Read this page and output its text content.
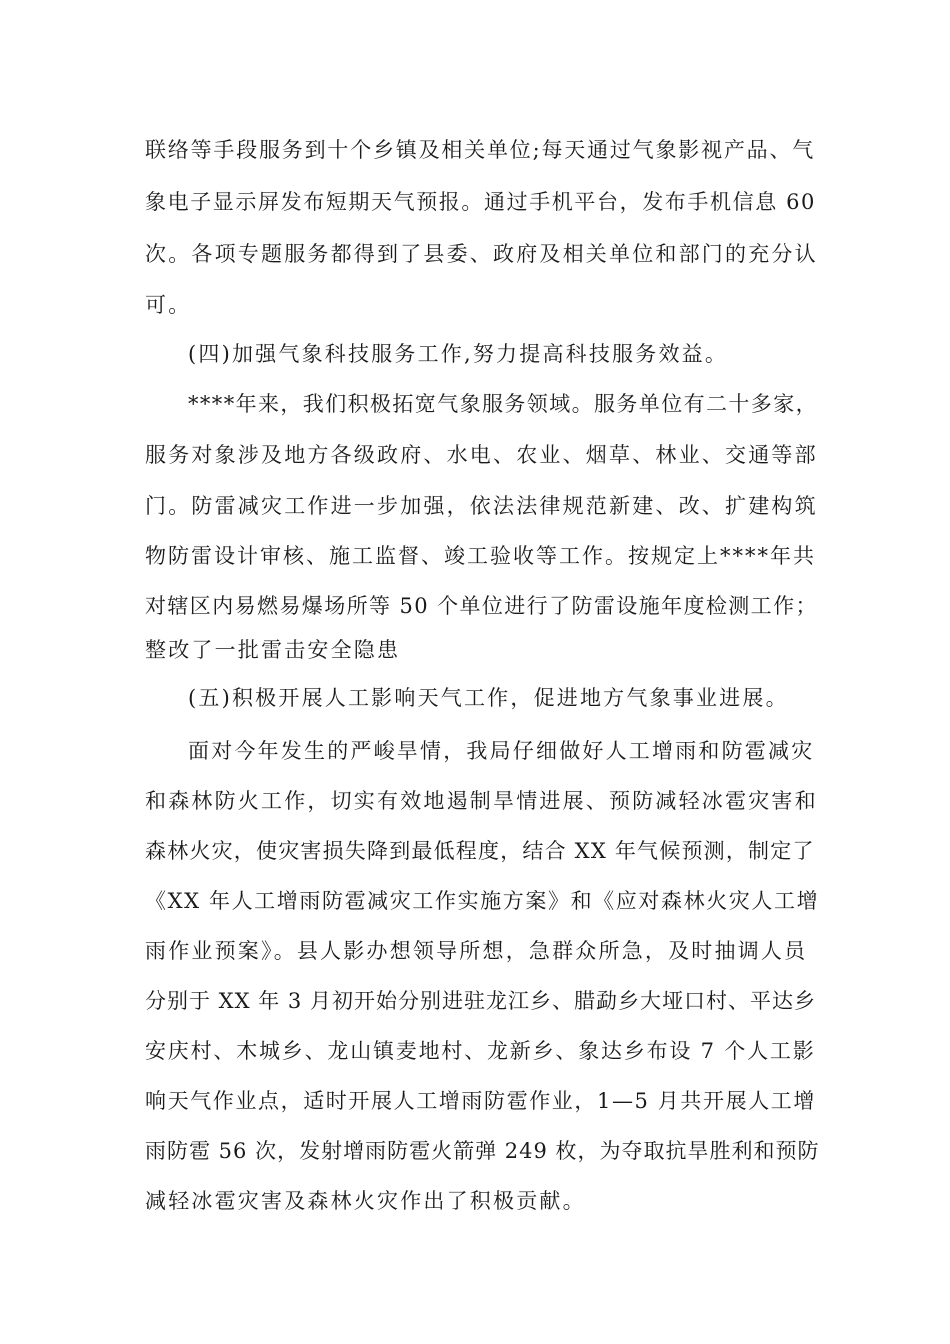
联络等手段服务到十个乡镇及相关单位;每天通过气象影视产品、气

象电子显示屏发布短期天气预报。通过手机平台，发布手机信息 60

次。各项专题服务都得到了县委、政府及相关单位和部门的充分认

可。

(四)加强气象科技服务工作,努力提高科技服务效益。

****年来，我们积极拓宽气象服务领域。服务单位有二十多家，

服务对象涉及地方各级政府、水电、农业、烟草、林业、交通等部

门。防雷减灾工作进一步加强，依法法律规范新建、改、扩建构筑

物防雷设计审核、施工监督、竣工验收等工作。按规定上****年共

对辖区内易燃易爆场所等 50 个单位进行了防雷设施年度检测工作；

整改了一批雷击安全隐患

(五)积极开展人工影响天气工作，促进地方气象事业进展。

面对今年发生的严峻旱情，我局仔细做好人工增雨和防雹减灾

和森林防火工作，切实有效地遏制旱情进展、预防减轻冰雹灾害和

森林火灾，使灾害损失降到最低程度，结合 XX 年气候预测，制定了

《XX 年人工增雨防雹减灾工作实施方案》和《应对森林火灾人工增

雨作业预案》。县人影办想领导所想，急群众所急，及时抽调人员

分别于 XX 年 3 月初开始分别进驻龙江乡、腊勐乡大垭口村、平达乡

安庆村、木城乡、龙山镇麦地村、龙新乡、象达乡布设 7 个人工影

响天气作业点，适时开展人工增雨防雹作业，1—5 月共开展人工增

雨防雹 56 次，发射增雨防雹火箭弹 249 枚，为夺取抗旱胜利和预防

减轻冰雹灾害及森林火灾作出了积极贡献。
